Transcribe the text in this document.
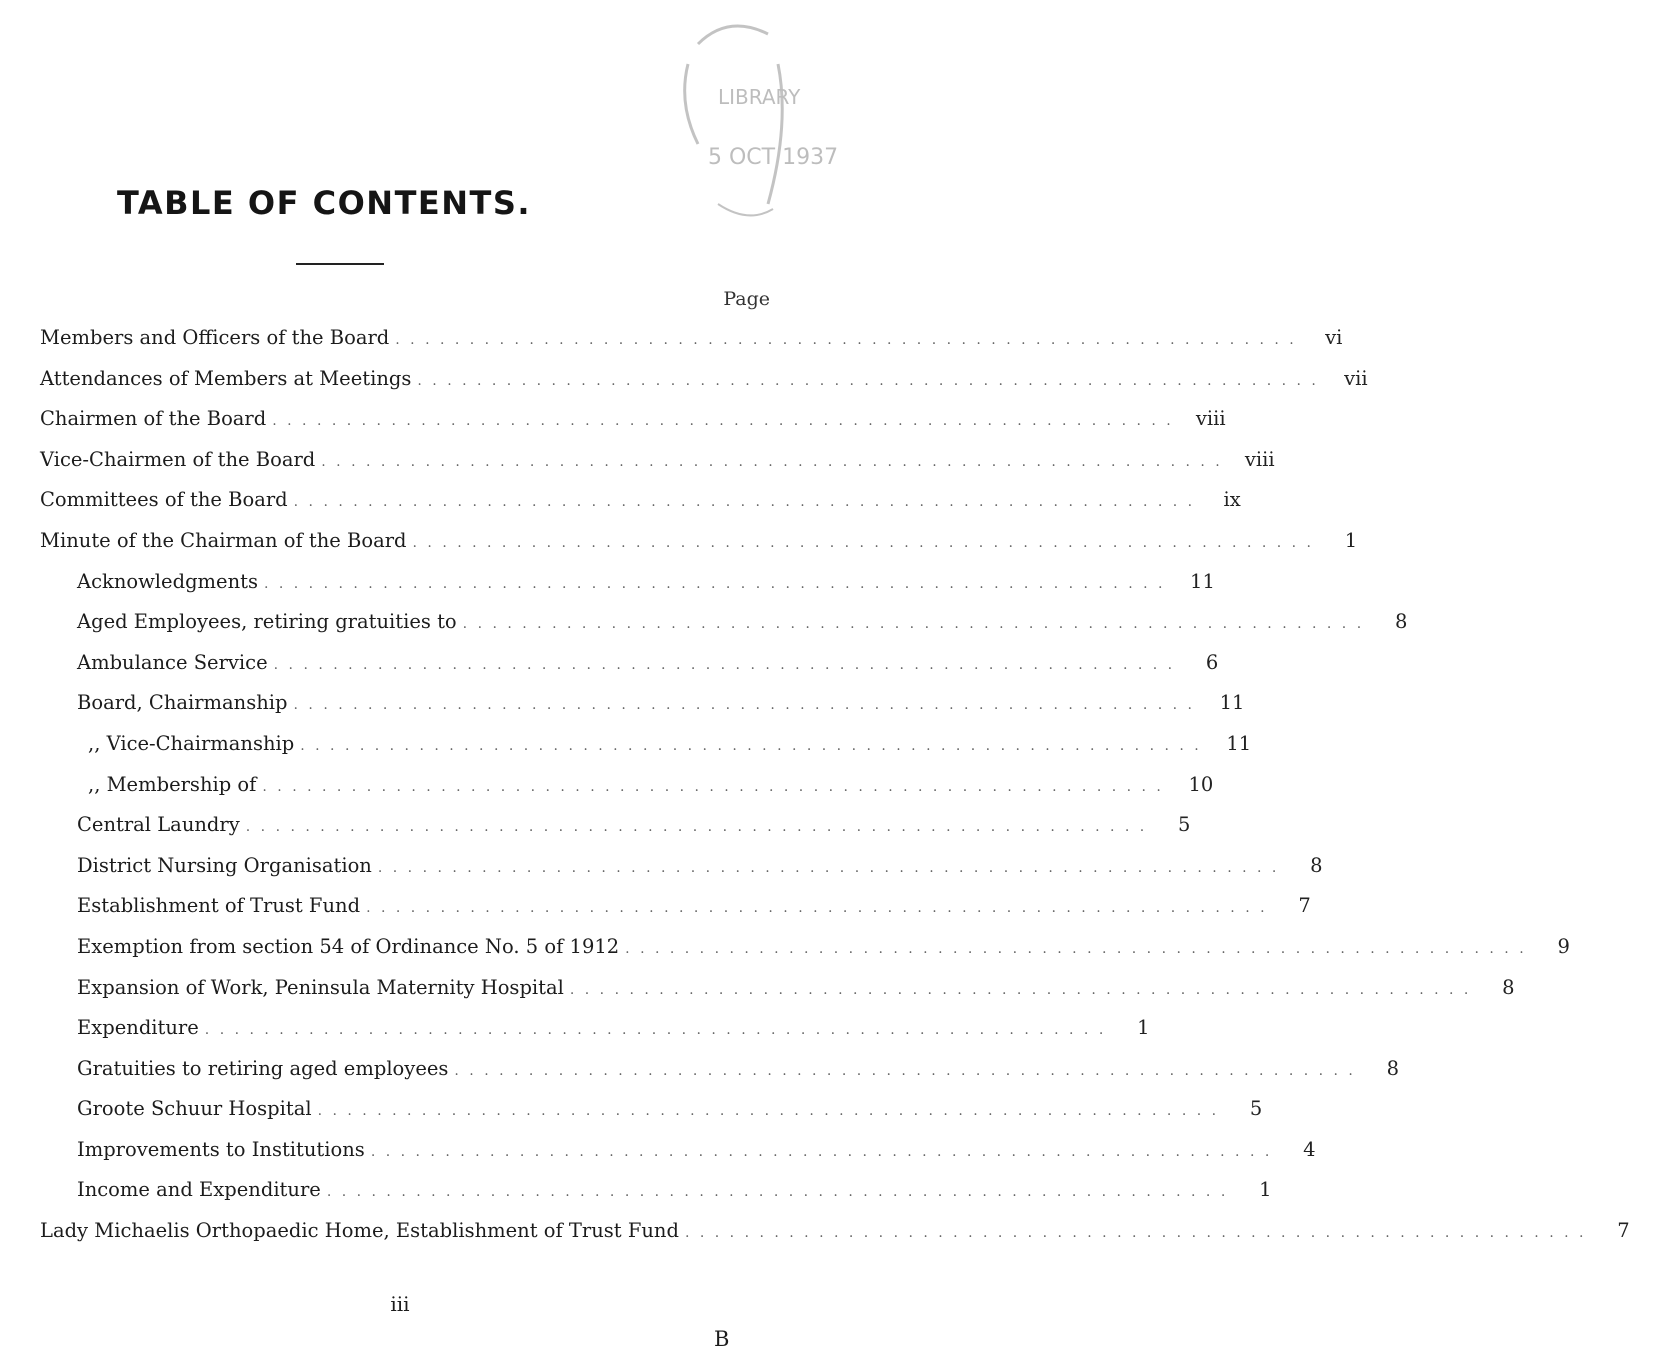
LIBRARY
5 OCT 1937
TABLE OF CONTENTS.
Page
Members and Officers of the Board . . . . . . . . . . . . . . . . . . . . . . . . . . . . . . . . . . . . . . . . . . . . . . . . . . . . . . . . . . . . .	vi
Attendances of Members at Meetings . . . . . . . . . . . . . . . . . . . . . . . . . . . . . . . . . . . . . . . . . . . . . . . . . . . . . . . . . . . . .	vii
Chairmen of the Board . . . . . . . . . . . . . . . . . . . . . . . . . . . . . . . . . . . . . . . . . . . . . . . . . . . . . . . . . . . . .	viii
Vice-Chairmen of the Board . . . . . . . . . . . . . . . . . . . . . . . . . . . . . . . . . . . . . . . . . . . . . . . . . . . . . . . . . . . . .	viii
Committees of the Board . . . . . . . . . . . . . . . . . . . . . . . . . . . . . . . . . . . . . . . . . . . . . . . . . . . . . . . . . . . . .	ix
Minute of the Chairman of the Board . . . . . . . . . . . . . . . . . . . . . . . . . . . . . . . . . . . . . . . . . . . . . . . . . . . . . . . . . . . . .	1
Acknowledgments . . . . . . . . . . . . . . . . . . . . . . . . . . . . . . . . . . . . . . . . . . . . . . . . . . . . . . . . . . . . .	11
Aged Employees, retiring gratuities to . . . . . . . . . . . . . . . . . . . . . . . . . . . . . . . . . . . . . . . . . . . . . . . . . . . . . . . . . . . . .	8
Ambulance Service . . . . . . . . . . . . . . . . . . . . . . . . . . . . . . . . . . . . . . . . . . . . . . . . . . . . . . . . . . . . .	6
Board, Chairmanship . . . . . . . . . . . . . . . . . . . . . . . . . . . . . . . . . . . . . . . . . . . . . . . . . . . . . . . . . . . . .	11
,, Vice-Chairmanship . . . . . . . . . . . . . . . . . . . . . . . . . . . . . . . . . . . . . . . . . . . . . . . . . . . . . . . . . . . . .	11
,, Membership of . . . . . . . . . . . . . . . . . . . . . . . . . . . . . . . . . . . . . . . . . . . . . . . . . . . . . . . . . . . . .	10
Central Laundry . . . . . . . . . . . . . . . . . . . . . . . . . . . . . . . . . . . . . . . . . . . . . . . . . . . . . . . . . . . . .	5
District Nursing Organisation . . . . . . . . . . . . . . . . . . . . . . . . . . . . . . . . . . . . . . . . . . . . . . . . . . . . . . . . . . . . .	8
Establishment of Trust Fund . . . . . . . . . . . . . . . . . . . . . . . . . . . . . . . . . . . . . . . . . . . . . . . . . . . . . . . . . . . . .	7
Exemption from section 54 of Ordinance No. 5 of 1912 . . . . . . . . . . . . . . . . . . . . . . . . . . . . . . . . . . . . . . . . . . . . . . . . . . . . . . . . . . . . .	9
Expansion of Work, Peninsula Maternity Hospital . . . . . . . . . . . . . . . . . . . . . . . . . . . . . . . . . . . . . . . . . . . . . . . . . . . . . . . . . . . . .	8
Expenditure . . . . . . . . . . . . . . . . . . . . . . . . . . . . . . . . . . . . . . . . . . . . . . . . . . . . . . . . . . . . .	1
Gratuities to retiring aged employees . . . . . . . . . . . . . . . . . . . . . . . . . . . . . . . . . . . . . . . . . . . . . . . . . . . . . . . . . . . . .	8
Groote Schuur Hospital . . . . . . . . . . . . . . . . . . . . . . . . . . . . . . . . . . . . . . . . . . . . . . . . . . . . . . . . . . . . .	5
Improvements to Institutions . . . . . . . . . . . . . . . . . . . . . . . . . . . . . . . . . . . . . . . . . . . . . . . . . . . . . . . . . . . . .	4
Income and Expenditure . . . . . . . . . . . . . . . . . . . . . . . . . . . . . . . . . . . . . . . . . . . . . . . . . . . . . . . . . . . . .	1
Lady Michaelis Orthopaedic Home, Establishment of Trust Fund . . . . . . . . . . . . . . . . . . . . . . . . . . . . . . . . . . . . . . . . . . . . . . . . . . . . . . . . . . . . .	7
iii
B
